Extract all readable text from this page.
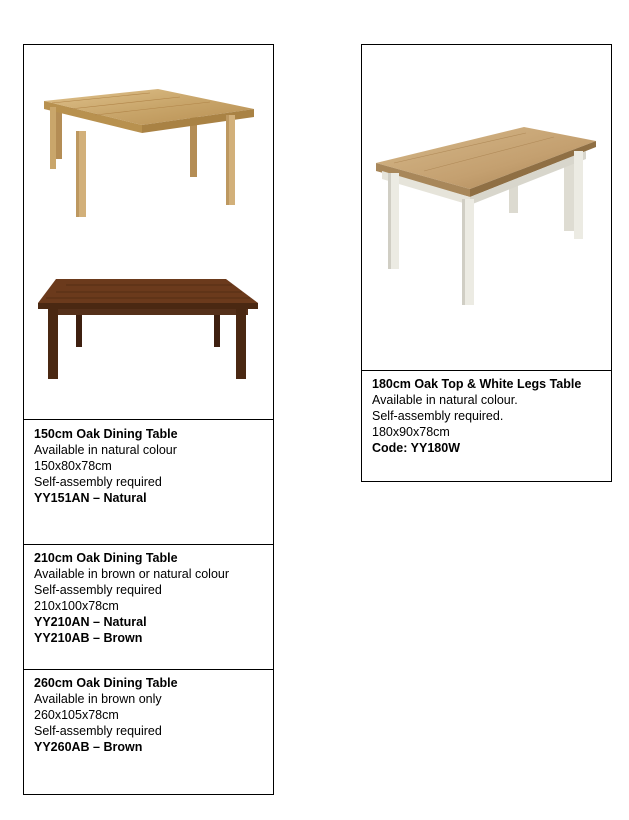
150cm Oak Dining Table
Available in natural colour
150x80x78cm
Self-assembly required
YY151AN – Natural
210cm Oak Dining Table
Available in brown or natural colour
Self-assembly required
210x100x78cm
YY210AN – Natural
YY210AB – Brown
260cm Oak Dining Table
Available in brown only
260x105x78cm
Self-assembly required
YY260AB – Brown
180cm Oak Top & White Legs Table
Available in natural colour.
Self-assembly required.
180x90x78cm
Code: YY180W
